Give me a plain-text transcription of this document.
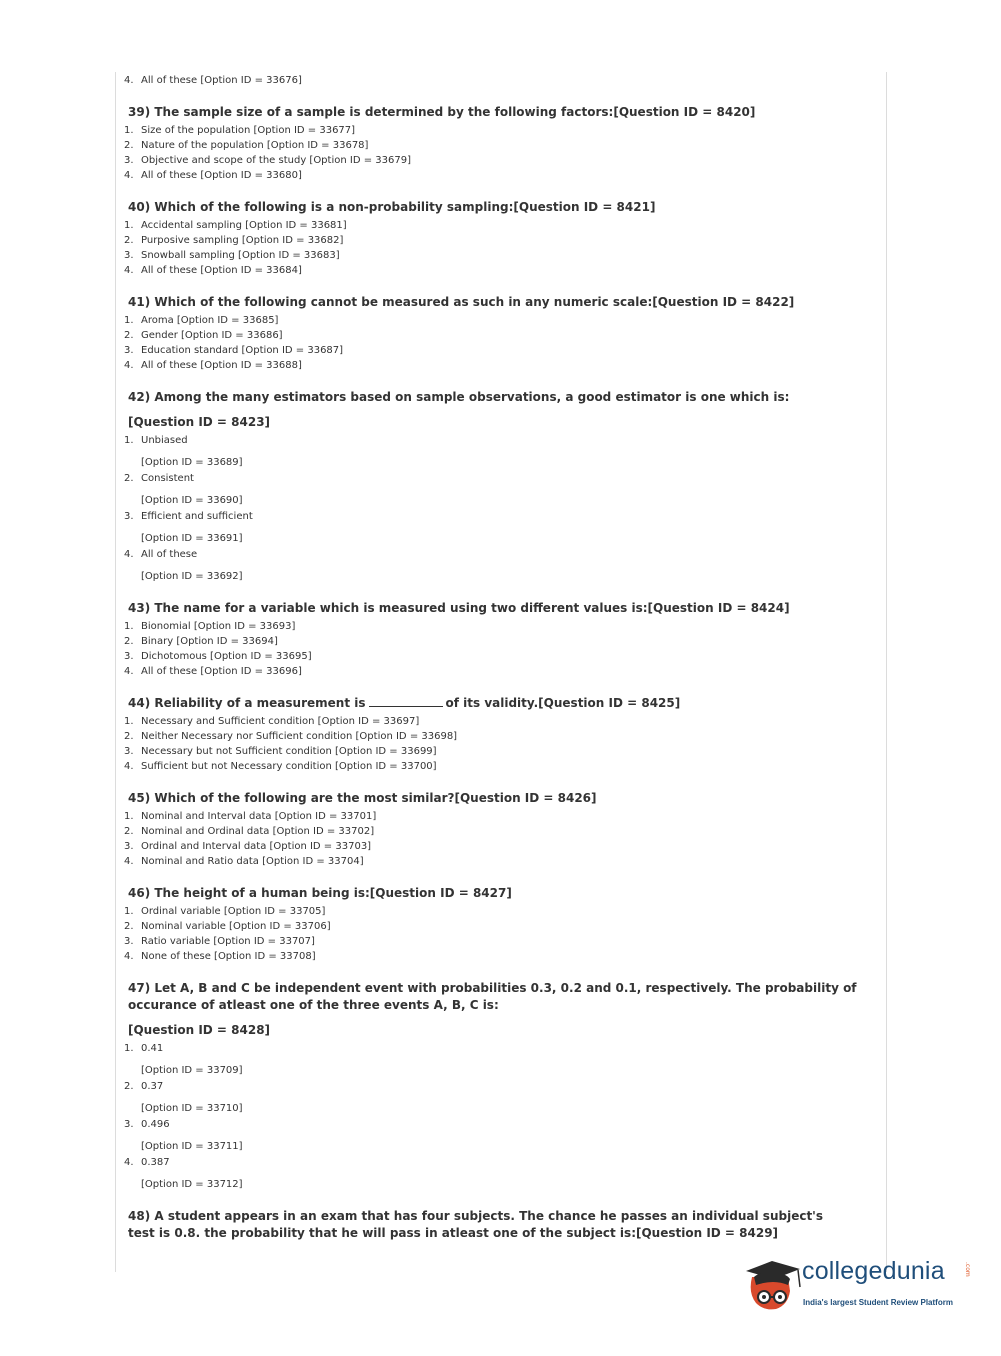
4. All of these [Option ID = 33676]
39) The sample size of a sample is determined by the following factors:[Question ID = 8420]
1. Size of the population [Option ID = 33677]
2. Nature of the population [Option ID = 33678]
3. Objective and scope of the study [Option ID = 33679]
4. All of these [Option ID = 33680]
40) Which of the following is a non-probability sampling:[Question ID = 8421]
1. Accidental sampling [Option ID = 33681]
2. Purposive sampling [Option ID = 33682]
3. Snowball sampling [Option ID = 33683]
4. All of these [Option ID = 33684]
41) Which of the following cannot be measured as such in any numeric scale:[Question ID = 8422]
1. Aroma [Option ID = 33685]
2. Gender [Option ID = 33686]
3. Education standard [Option ID = 33687]
4. All of these [Option ID = 33688]
42) Among the many estimators based on sample observations, a good estimator is one which is:
[Question ID = 8423]
1. Unbiased
[Option ID = 33689]
2. Consistent
[Option ID = 33690]
3. Efficient and sufficient
[Option ID = 33691]
4. All of these
[Option ID = 33692]
43) The name for a variable which is measured using two different values is:[Question ID = 8424]
1. Bionomial [Option ID = 33693]
2. Binary [Option ID = 33694]
3. Dichotomous [Option ID = 33695]
4. All of these [Option ID = 33696]
44) Reliability of a measurement is	of its validity.[Question ID = 8425]
1. Necessary and Sufficient condition [Option ID = 33697]
2. Neither Necessary nor Sufficient condition [Option ID = 33698]
3. Necessary but not Sufficient condition [Option ID = 33699]
4. Sufficient but not Necessary condition [Option ID = 33700]
45) Which of the following are the most similar?[Question ID = 8426]
1. Nominal and Interval data [Option ID = 33701]
2. Nominal and Ordinal data [Option ID = 33702]
3. Ordinal and Interval data [Option ID = 33703]
4. Nominal and Ratio data [Option ID = 33704]
46) The height of a human being is:[Question ID = 8427]
1. Ordinal variable [Option ID = 33705]
2. Nominal variable [Option ID = 33706]
3. Ratio variable [Option ID = 33707]
4. None of these [Option ID = 33708]
47) Let A, B and C be independent event with probabilities 0.3, 0.2 and 0.1, respectively. The probability of occurance of atleast one of the three events A, B, C is:
[Question ID = 8428]
1. 0.41
[Option ID = 33709]
2. 0.37
[Option ID = 33710]
3. 0.496
[Option ID = 33711]
4. 0.387
[Option ID = 33712]
48) A student appears in an exam that has four subjects. The chance he passes an individual subject's test is 0.8. the probability that he will pass in atleast one of the subject is:[Question ID = 8429]
collegedunia	.com
India's largest Student Review Platform
